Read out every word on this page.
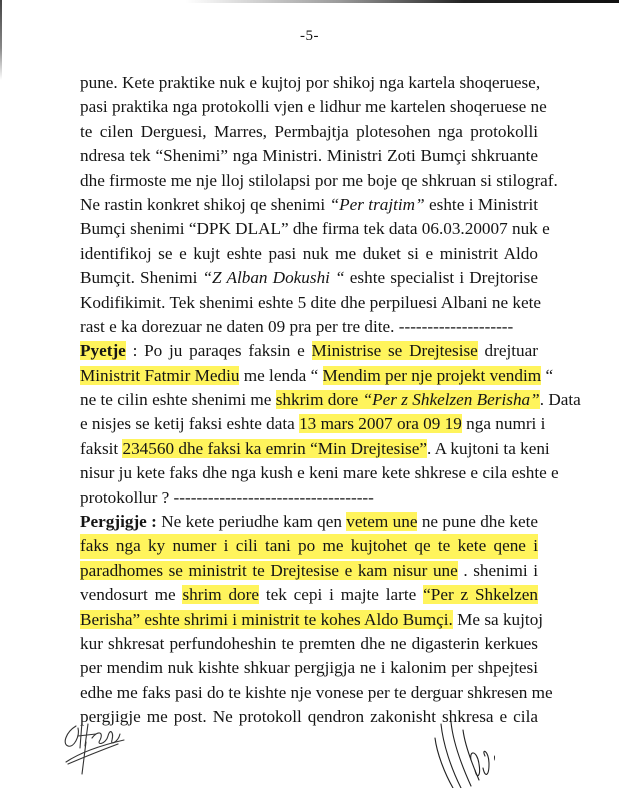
-5-
pune. Kete praktike nuk e kujtoj por shikoj nga kartela shoqeruese,
pasi praktika nga protokolli vjen e lidhur me kartelen shoqeruese ne
te cilen Derguesi, Marres, Permbajtja plotesohen nga protokolli
ndresa tek “Shenimi” nga Ministri. Ministri Zoti Bumçi shkruante
dhe firmoste me nje lloj stilolapsi por me boje qe shkruan si stilograf.
Ne rastin konkret shikoj qe shenimi “Per trajtim” eshte i Ministrit
Bumçi shenimi “DPK DLAL” dhe firma tek data 06.03.20007 nuk e
identifikoj se e kujt eshte pasi nuk me duket si e ministrit Aldo
Bumçit. Shenimi “Z Alban Dokushi “ eshte specialist i Drejtorise
Kodifikimit. Tek shenimi eshte 5 dite dhe perpiluesi Albani ne kete
rast e ka dorezuar ne daten 09 pra per tre dite. --------------------
Pyetje : Po ju paraqes faksin e Ministrise se Drejtesise drejtuar
Ministrit Fatmir Mediu me lenda “ Mendim per nje projekt vendim “
ne te cilin eshte shenimi me shkrim dore “Per z Shkelzen Berisha”. Data
e nisjes se ketij faksi eshte data 13 mars 2007 ora 09 19 nga numri i
faksit 234560 dhe faksi ka emrin “Min Drejtesise”. A kujtoni ta keni
nisur ju kete faks dhe nga kush e keni mare kete shkrese e cila eshte e
protokollur ? -----------------------------------
Pergjigje : Ne kete periudhe kam qen vetem une ne pune dhe kete
faks nga ky numer i cili tani po me kujtohet qe te kete qene i
paradhomes se ministrit te Drejtesise e kam nisur une . shenimi i
vendosurt me shrim dore tek cepi i majte larte “Per z Shkelzen
Berisha” eshte shrimi i ministrit te kohes Aldo Bumçi. Me sa kujtoj
kur shkresat perfundoheshin te premten dhe ne digasterin kerkues
per mendim nuk kishte shkuar pergjigja ne i kalonim per shpejtesi
edhe me faks pasi do te kishte nje vonese per te derguar shkresen me
pergjigje me post. Ne protokoll qendron zakonisht shkresa e cila
